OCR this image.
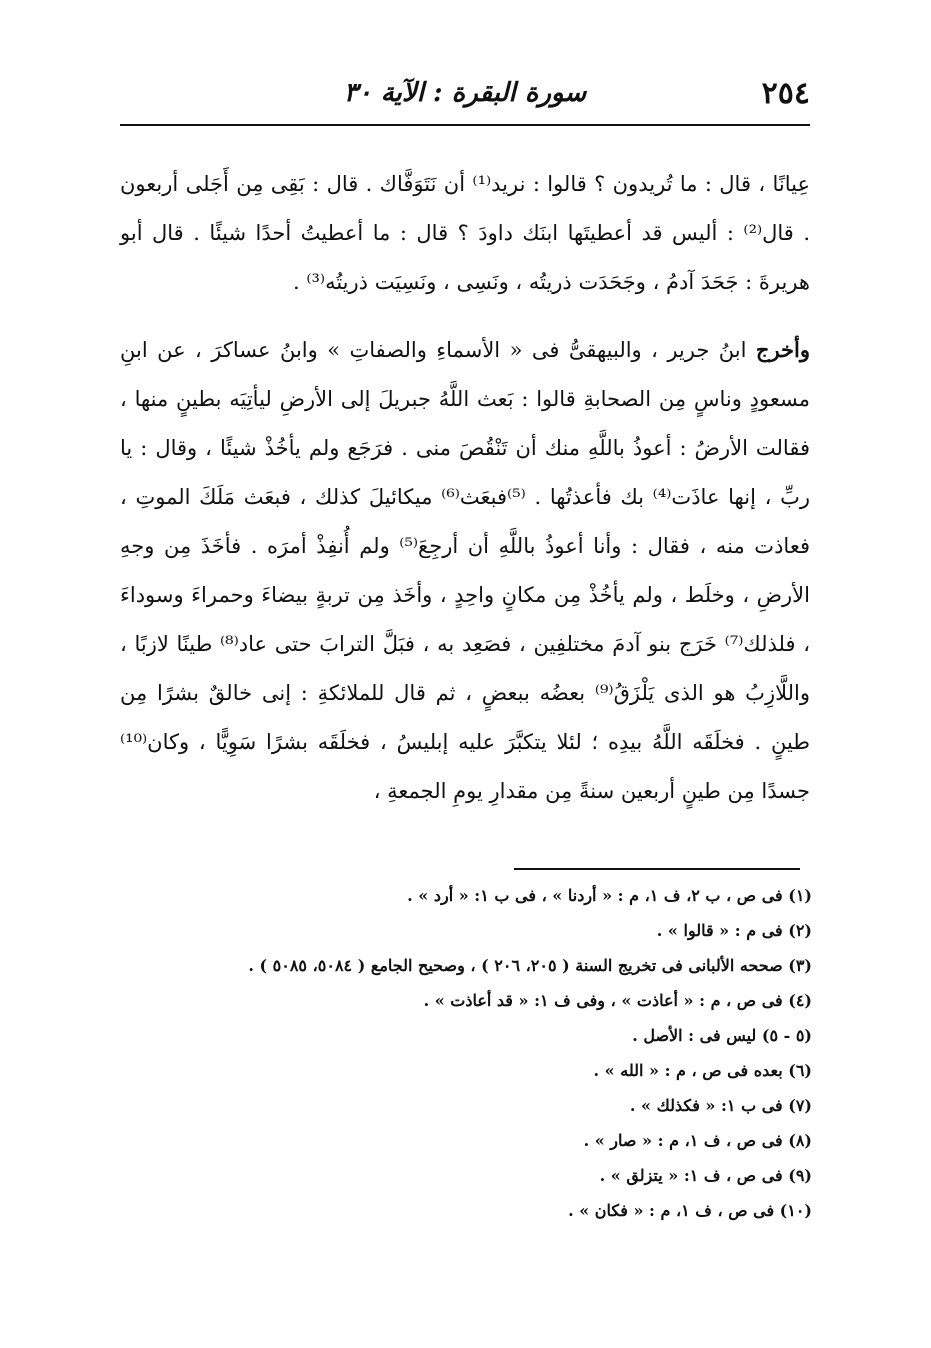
٢٥٤
سورة البقرة : الآية ٣٠

عِيانًا ، قال : ما تُريدون ؟ قالوا : نريد⁽¹⁾ أن نَتَوَفَّاك . قال : بَقِى مِن أَجَلى أربعون . قال⁽²⁾ : أليس قد أعطيتَها ابنَك داودَ ؟ قال : ما أعطيتُ أحدًا شيئًا . قال أبو هريرةَ : جَحَدَ آدمُ ، وجَحَدَت ذريتُه ، ونَسِى ، ونَسِيَت ذريتُه⁽³⁾ .

وأخرج ابنُ جرير ، والبيهقىُّ فى « الأسماءِ والصفاتِ » وابنُ عساكرَ ، عن ابنِ مسعودٍ وناسٍ مِن الصحابةِ قالوا : بَعث اللَّهُ جبريلَ إلى الأرضِ ليأتِيَه بطينٍ منها ، فقالت الأرضُ : أعوذُ باللَّهِ منك أن تَنْقُصَ منى . فرَجَع ولم يأخُذْ شيئًا ، وقال : يا ربِّ ، إنها عاذَت⁽⁴⁾ بك فأعذتُها . ⁽⁵⁾فبعَث⁽⁶⁾ ميكائيلَ كذلك ، فبعَث مَلَكَ الموتِ ، فعاذت منه ، فقال : وأنا أعوذُ باللَّهِ أن أرجِعَ⁽⁵⁾ ولم أُنفِذْ أمرَه . فأخَذَ مِن وجهِ الأرضِ ، وخلَط ، ولم يأخُذْ مِن مكانٍ واحِدٍ ، وأخَذ مِن تربةٍ بيضاءَ وحمراءَ وسوداءَ ، فلذلك⁽⁷⁾ خَرَج بنو آدمَ مختلفِين ، فصَعِد به ، فبَلَّ الترابَ حتى عاد⁽⁸⁾ طينًا لازبًا ، واللَّازِبُ هو الذى يَلْزَقُ⁽⁹⁾ بعضُه ببعضٍ ، ثم قال للملائكةِ : إنى خالقٌ بشرًا مِن طينٍ . فخلَقَه اللَّهُ بيدِه ؛ لئلا يتكبَّرَ عليه إبليسُ ، فخلَقَه بشرًا سَوِيًّا ، وكان⁽¹⁰⁾ جسدًا مِن طينٍ أربعين سنةً مِن مقدارِ يومِ الجمعةِ ،

(١) فى ص ، ب ٢، ف ١، م : « أردنا » ، فى ب ١: « أرد » .
(٢) فى م : « قالوا » .
(٣) صححه الألبانى فى تخريج السنة ( ٢٠٥، ٢٠٦ ) ، وصحيح الجامع ( ٥٠٨٤، ٥٠٨٥ ) .
(٤) فى ص ، م : « أعاذت » ، وفى ف ١: « قد أعاذت » .
(٥ - ٥) ليس فى : الأصل .
(٦) بعده فى ص ، م : « الله » .
(٧) فى ب ١: « فكذلك » .
(٨) فى ص ، ف ١، م : « صار » .
(٩) فى ص ، ف ١: « يتزلق » .
(١٠) فى ص ، ف ١، م : « فكان » .
